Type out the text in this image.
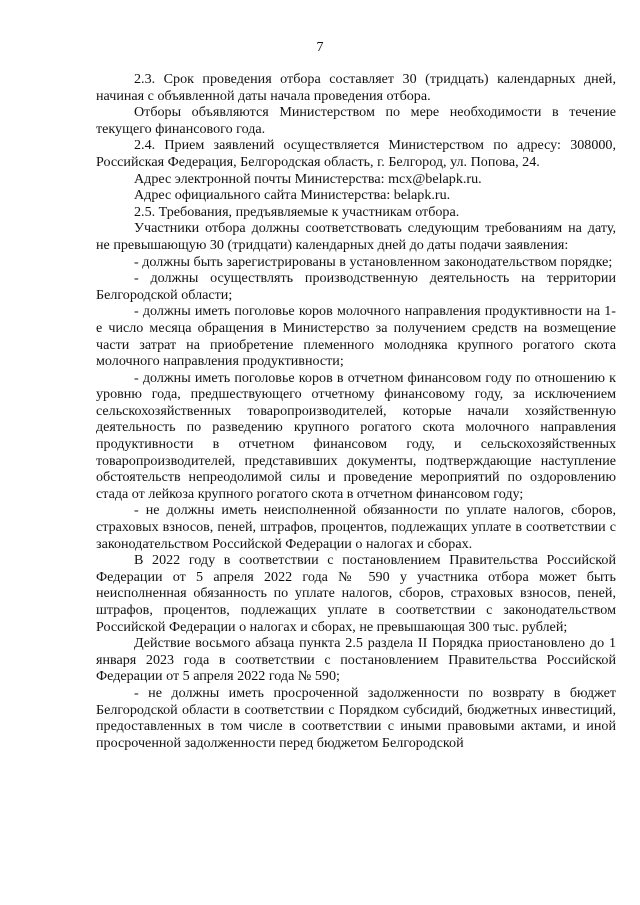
7

2.3. Срок проведения отбора составляет 30 (тридцать) календарных дней, начиная с объявленной даты начала проведения отбора.

Отборы объявляются Министерством по мере необходимости в течение текущего финансового года.

2.4. Прием заявлений осуществляется Министерством по адресу: 308000, Российская Федерация, Белгородская область, г. Белгород, ул. Попова, 24.

Адрес электронной почты Министерства: mcx@belapk.ru.

Адрес официального сайта Министерства: belapk.ru.

2.5. Требования, предъявляемые к участникам отбора.

Участники отбора должны соответствовать следующим требованиям на дату, не превышающую 30 (тридцати) календарных дней до даты подачи заявления:

- должны быть зарегистрированы в установленном законодательством порядке;

- должны осуществлять производственную деятельность на территории Белгородской области;

- должны иметь поголовье коров молочного направления продуктивности на 1-е число месяца обращения в Министерство за получением средств на возмещение части затрат на приобретение племенного молодняка крупного рогатого скота молочного направления продуктивности;

- должны иметь поголовье коров в отчетном финансовом году по отношению к уровню года, предшествующего отчетному финансовому году, за исключением сельскохозяйственных товаропроизводителей, которые начали хозяйственную деятельность по разведению крупного рогатого скота молочного направления продуктивности в отчетном финансовом году, и сельскохозяйственных товаропроизводителей, представивших документы, подтверждающие наступление обстоятельств непреодолимой силы и проведение мероприятий по оздоровлению стада от лейкоза крупного рогатого скота в отчетном финансовом году;

- не должны иметь неисполненной обязанности по уплате налогов, сборов, страховых взносов, пеней, штрафов, процентов, подлежащих уплате в соответствии с законодательством Российской Федерации о налогах и сборах.

В 2022 году в соответствии с постановлением Правительства Российской Федерации от 5 апреля 2022 года № 590 у участника отбора может быть неисполненная обязанность по уплате налогов, сборов, страховых взносов, пеней, штрафов, процентов, подлежащих уплате в соответствии с законодательством Российской Федерации о налогах и сборах, не превышающая 300 тыс. рублей;

Действие восьмого абзаца пункта 2.5 раздела II Порядка приостановлено до 1 января 2023 года в соответствии с постановлением Правительства Российской Федерации от 5 апреля 2022 года № 590;

- не должны иметь просроченной задолженности по возврату в бюджет Белгородской области в соответствии с Порядком субсидий, бюджетных инвестиций, предоставленных в том числе в соответствии с иными правовыми актами, и иной просроченной задолженности перед бюджетом Белгородской
